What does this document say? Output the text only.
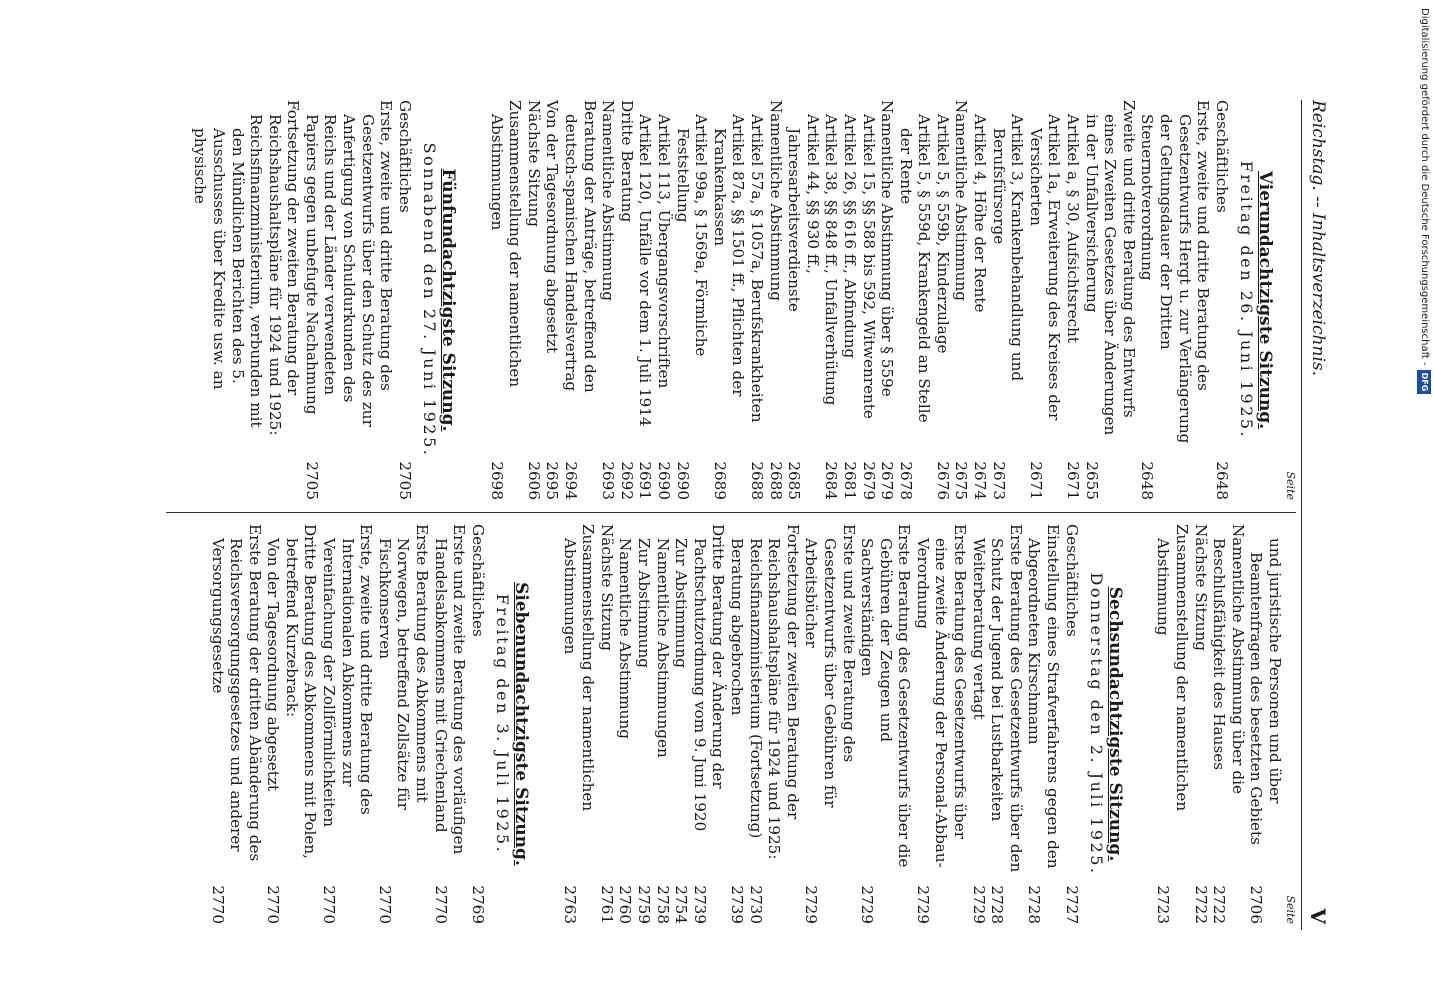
Reichstag. -- Inhaltsverzeichnis.
V
Seite
Vierundachtzigste Sitzung.
Freitag den 26. Juni 1925.
Geschäftliches
2648
Erste, zweite und dritte Beratung des Gesetzentwurfs Hergt u. zur Verlängerung der Geltungsdauer der Dritten Steuernotverordnung
2648
Zweite und dritte Beratung des Entwurfs eines Zweiten Gesetzes über Änderungen in der Unfallversicherung
2655
Artikel a, § 30, Aufsichtsrecht
2671
Artikel 1a, Erweiterung des Kreises der Versicherten
2671
Artikel 3, Krankenbehandlung und Berufsfürsorge
2673
Artikel 4, Höhe der Rente
2674
Namentliche Abstimmung
2675
Artikel 5, § 559b, Kinderzulage
2676
Artikel 5, § 559d, Krankengeld an Stelle der Rente
2678
Namentliche Abstimmung über § 559e
2679
Artikel 15, §§ 588 bis 592, Witwenrente
2679
Artikel 26, §§ 616 ff., Abfindung
2681
Artikel 38, §§ 848 ff., Unfallverhütung
2684
Artikel 44, §§ 930 ff., Jahresarbeitsverdienste
2685
Namentliche Abstimmung
2688
Artikel 57a, § 1057a, Berufskrankheiten
2688
Artikel 87a, §§ 1501 ff., Pflichten der Krankenkassen
2689
Artikel 99a, § 1569a, Förmliche Feststellung
2690
Artikel 113, Übergangsvorschriften
2690
Artikel 120, Unfälle vor dem 1. Juli 1914
2691
Dritte Beratung
2692
Namentliche Abstimmung
2693
Beratung der Anträge, betreffend den deutsch-spanischen Handelsvertrag
2694
Von der Tagesordnung abgesetzt
2695
Nächste Sitzung
2606
Zusammenstellung der namentlichen Abstimmungen
2698
Fünfundachtzigste Sitzung.
Sonnabend den 27. Juni 1925.
Geschäftliches
2705
Erste, zweite und dritte Beratung des Gesetzentwurfs über den Schutz des zur Anfertigung von Schuldurkunden des Reichs und der Länder verwendeten Papiers gegen unbefugte Nachahmung
2705
Fortsetzung der zweiten Beratung der Reichshaushaltspläne für 1924 und 1925:
Reichsfinanzministerium, verbunden mit den Mündlichen Berichten des 5. Ausschusses über Kredite usw. an physische
Seite
und juristische Personen und über Beamtenfragen des besetzten Gebiets
2706
Namentliche Abstimmung über die Beschlußfähigkeit des Hauses
2722
Nächste Sitzung
2722
Zusammenstellung der namentlichen Abstimmung
2723
Sechsundachtzigste Sitzung.
Donnerstag den 2. Juli 1925.
Geschäftliches
2727
Einstellung eines Strafverfahrens gegen den Abgeordneten Kirschmann
2728
Erste Beratung des Gesetzentwurfs über den Schutz der Jugend bei Lustbarkeiten
2728
Weiterberatung vertagt
2729
Erste Beratung des Gesetzentwurfs über eine zweite Änderung der Personal-Abbau-Verordnung
2729
Erste Beratung des Gesetzentwurfs über die Gebühren der Zeugen und Sachverständigen
2729
Erste und zweite Beratung des Gesetzentwurfs über Gebühren für Arbeitsbücher
2729
Fortsetzung der zweiten Beratung der Reichshaushaltspläne für 1924 und 1925:
Reichsfinanzministerium (Fortsetzung)
2730
Beratung abgebrochen
2739
Dritte Beratung der Änderung der Pachtschutzordnung vom 9. Juni 1920
2739
Zur Abstimmung
2754
Namentliche Abstimmungen
2758
Zur Abstimmung
2759
Namentliche Abstimmung
2760
Nächste Sitzung
2761
Zusammenstellung der namentlichen Abstimmungen
2763
Siebenundachtzigste Sitzung.
Freitag den 3. Juli 1925.
Geschäftliches
2769
Erste und zweite Beratung des vorläufigen Handelsabkommens mit Griechenland
2770
Erste Beratung des Abkommens mit Norwegen, betreffend Zollsätze für Fischkonserven
2770
Erste, zweite und dritte Beratung des Internationalen Abkommens zur Vereinfachung der Zollförmlichkeiten
2770
Dritte Beratung des Abkommens mit Polen, betreffend Kurzebrack:
Von der Tagesordnung abgesetzt
2770
Erste Beratung der dritten Abänderung des Reichsversorgungsgesetzes und anderer Versorgungsgesetze
2770
Digitalisierung gefördert durch die Deutsche Forschungsgemeinschaft -DFG
